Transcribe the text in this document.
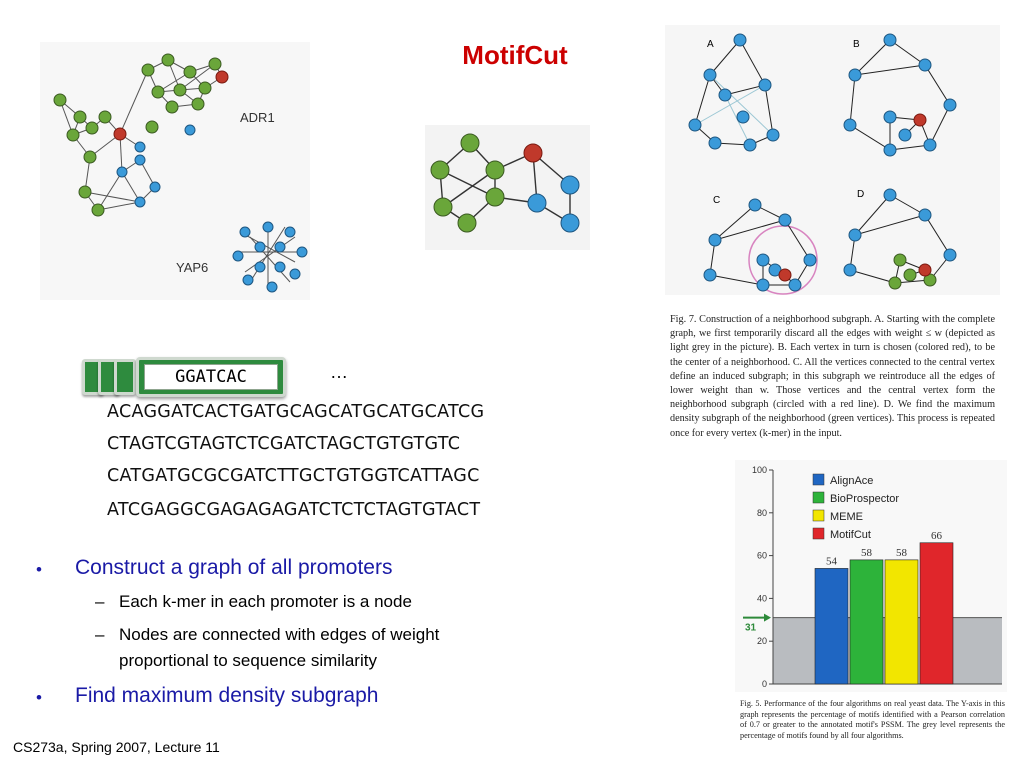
MotifCut
ADR1
YAP6
A	B
C
D
Fig. 7. Construction of a neighborhood subgraph. A. Starting with the complete graph, we first temporarily discard all the edges with weight ≤ w (depicted as light grey in the picture). B. Each vertex in turn is chosen (colored red), to be the center of a neighborhood. C. All the vertices connected to the central vertex define an induced subgraph; in this subgraph we reintroduce all the edges of lower weight than w. Those vertices and the central vertex form the neighborhood subgraph (circled with a red line). D. We find the maximum density subgraph of the neighborhood (green vertices). This process is repeated once for every vertex (k-mer) in the input.
GGATCAC	…
ACAGGATCACTGATGCAGCATGCATGCATCG
CTAGTCGTAGTCTCGATCTAGCTGTGTGTC
CATGATGCGCGATCTTGCTGTGGTCATTAGC
ATCGAGGCGAGAGAGATCTCTCTAGTGTACT
• Construct a graph of all promoters
– Each k-mer in each promoter is a node
– Nodes are connected with edges of weight
proportional to sequence similarity
• Find maximum density subgraph	0
20
40
60
80
100
31
54
58 58
66
AlignAce
BioProspector
MEME
MotifCut
Fig. 5. Performance of the four algorithms on real yeast data. The Y-axis in this graph represents the percentage of motifs identified with a Pearson correlation of 0.7 or greater to the annotated motif's PSSM. The grey level represents the percentage of motifs found by all four algorithms.
CS273a, Spring 2007, Lecture 11
